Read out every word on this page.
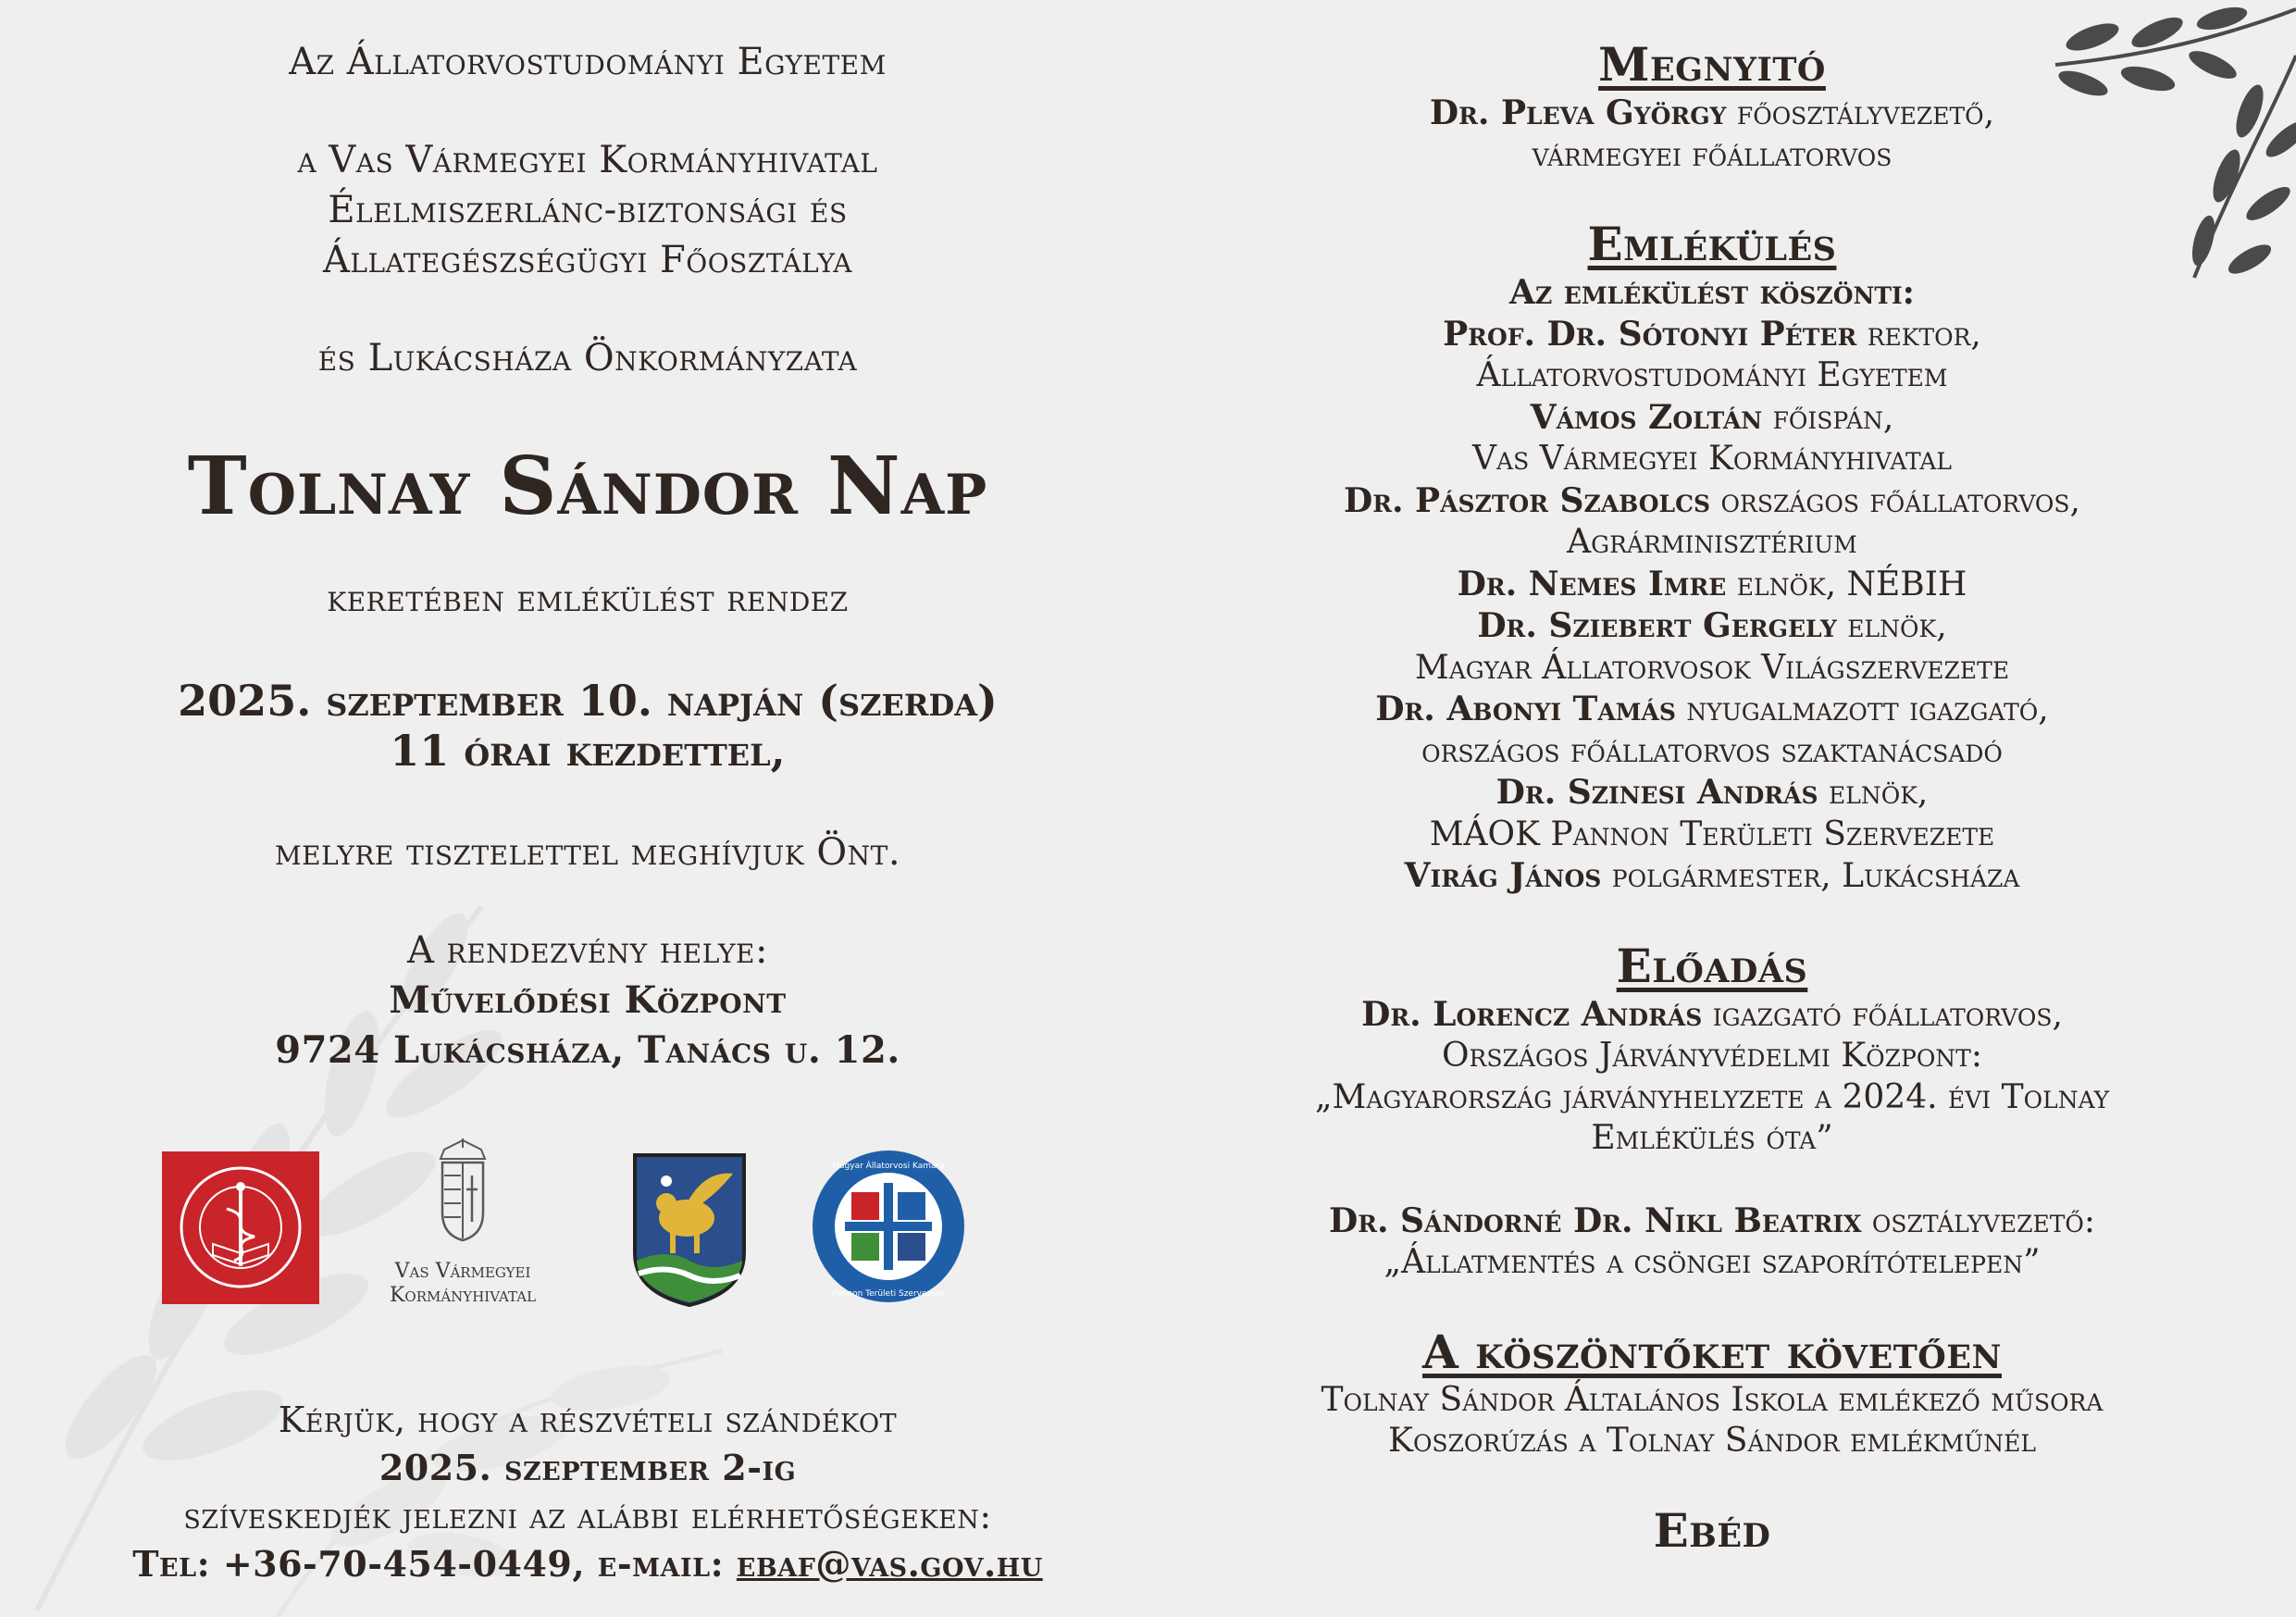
Az Állatorvostudományi Egyetem
a Vas Vármegyei Kormányhivatal
Élelmiszerlánc-biztonsági és
Állategészségügyi Főosztálya
és Lukácsháza Önkormányzata
Tolnay Sándor Nap
keretében emlékülést rendez
2025. szeptember 10. napján (szerda)
11 órai kezdettel,
melyre tisztelettel meghívjuk Önt.
A rendezvény helye:
Művelődési Központ
9724 Lukácsháza, Tanács u. 12.
Vas Vármegyei
Kormányhivatal
Magyar Állatorvosi Kamara
Pannon Területi Szervezete
Kérjük, hogy a részvételi szándékot
2025. szeptember 2-ig
szíveskedjék jelezni az alábbi elérhetőségeken:
Tel: +36-70-454-0449, e-mail: ebaf@vas.gov.hu
Megnyitó
Dr. Pleva György főosztályvezető,
vármegyei főállatorvos
Emlékülés
Az emlékülést köszönti:
Prof. Dr. Sótonyi Péter rektor,
Állatorvostudományi Egyetem
Vámos Zoltán főispán,
Vas Vármegyei Kormányhivatal
Dr. Pásztor Szabolcs országos főállatorvos,
Agrárminisztérium
Dr. Nemes Imre elnök, NÉBIH
Dr. Sziebert Gergely elnök,
Magyar Állatorvosok Világszervezete
Dr. Abonyi Tamás nyugalmazott igazgató,
országos főállatorvos szaktanácsadó
Dr. Szinesi András elnök,
MÁOK Pannon Területi Szervezete
Virág János polgármester, Lukácsháza
Előadás
Dr. Lorencz András igazgató főállatorvos,
Országos Járványvédelmi Központ:
„Magyarország járványhelyzete a 2024. évi Tolnay
Emlékülés óta”
Dr. Sándorné Dr. Nikl Beatrix osztályvezető:
„Állatmentés a csöngei szaporítótelepen”
A köszöntőket követően
Tolnay Sándor Általános Iskola emlékező műsora
Koszorúzás a Tolnay Sándor emlékműnél
Ebéd
